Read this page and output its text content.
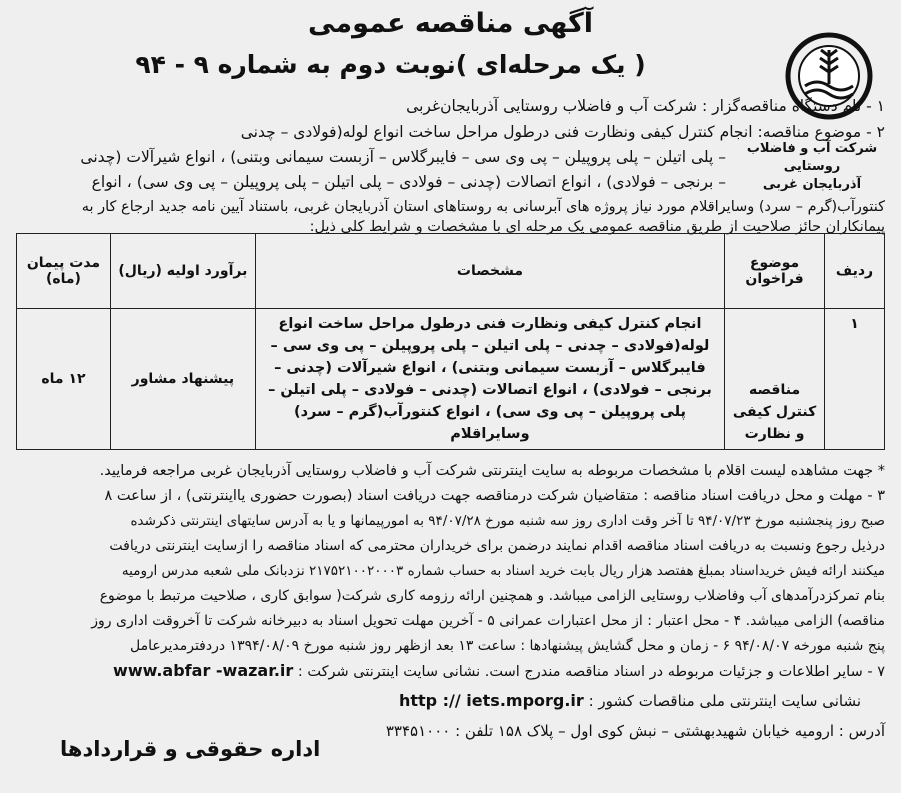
آگهی مناقصه عمومی
( یک مرحله‌ای )نوبت دوم به شماره ۹ - ۹۴
شرکت آب و فاضلاب روستایی
آذربایجان غربی
۱ - نام دستگاه مناقصه‌گزار : شرکت آب و فاضلاب روستایی آذربایجان‌غربی
۲ - موضوع مناقصه: انجام کنترل کیفی ونظارت فنی درطول مراحل ساخت انواع لوله(فولادی – چدنی
– پلی اتیلن – پلی پروپیلن – پی وی سی – فایبرگلاس – آزبست سیمانی وبتنی) ، انواع شیرآلات (چدنی
– برنجی – فولادی) ، انواع اتصالات (چدنی – فولادی – پلی اتیلن – پلی پروپیلن – پی وی سی) ، انواع
کنتورآب(گرم – سرد) وسایراقلام مورد نیاز پروژه های آبرسانی به روستاهای استان آذربایجان غربی، باستناد آیین نامه جدید ارجاع کار به
پیمانکاران حائز صلاحیت از طریق مناقصه عمومی یک مرحله ای با مشخصات و شرایط کلی ذیل:
ردیف	موضوع فراخوان	مشخصات	برآورد اولیه (ریال)	مدت پیمان (ماه)
۱	مناقصه کنترل کیفی و نظارت	انجام کنترل کیفی ونظارت فنی درطول مراحل ساخت انواع لوله(فولادی – چدنی – پلی اتیلن – پلی پروپیلن – پی وی سی – فایبرگلاس – آزبست سیمانی وبتنی) ، انواع شیرآلات (چدنی – برنجی – فولادی) ، انواع اتصالات (چدنی – فولادی – پلی اتیلن – پلی پروپیلن – پی وی سی) ، انواع کنتورآب(گرم – سرد) وسایراقلام	پیشنهاد مشاور	۱۲ ماه
* جهت مشاهده لیست اقلام با مشخصات مربوطه به سایت اینترنتی شرکت آب و فاضلاب روستایی آذربایجان غربی مراجعه فرمایید.
۳ - مهلت و محل دریافت اسناد مناقصه : متقاضیان شرکت درمناقصه جهت دریافت اسناد (بصورت حضوری یااینترنتی) ، از ساعت ۸
صبح روز پنجشنبه مورخ ۹۴/۰۷/۲۳ تا آخر وقت اداری روز سه شنبه مورخ ۹۴/۰۷/۲۸ به امورپیمانها و یا به آدرس سایتهای اینترنتی ذکرشده
درذیل رجوع ونسبت به دریافت اسناد مناقصه اقدام نمایند درضمن برای خریداران محترمی که اسناد مناقصه را ازسایت اینترنتی دریافت
میکنند ارائه فیش خریداسناد بمبلغ هفتصد هزار ریال بابت خرید اسناد به حساب شماره ۲۱۷۵۲۱۰۰۲۰۰۰۳ نزدبانک ملی شعبه مدرس ارومیه
بنام تمرکزدرآمدهای آب وفاضلاب روستایی الزامی میباشد. و همچنین ارائه رزومه کاری شرکت( سوابق کاری ، صلاحیت مرتبط با موضوع
مناقصه) الزامی میباشد. ۴ - محل اعتبار : از محل اعتبارات عمرانی ۵ - آخرین مهلت تحویل اسناد به دبیرخانه شرکت تا آخروقت اداری روز
پنج شنبه مورخه ۹۴/۰۸/۰۷ ۶ - زمان و محل گشایش پیشنهادها : ساعت ۱۳ بعد ازظهر روز شنبه مورخ ۱۳۹۴/۰۸/۰۹ دردفترمدیرعامل
۷ - سایر اطلاعات و جزئیات مربوطه در اسناد مناقصه مندرج است. نشانی سایت اینترنتی شرکت : www.abfar -wazar.ir
نشانی سایت اینترنتی ملی مناقصات کشور : http :// iets.mporg.ir
آدرس : ارومیه خیابان شهیدبهشتی – نبش کوی اول – پلاک ۱۵۸ تلفن : ۳۳۴۵۱۰۰۰
اداره حقوقی و قراردادها
